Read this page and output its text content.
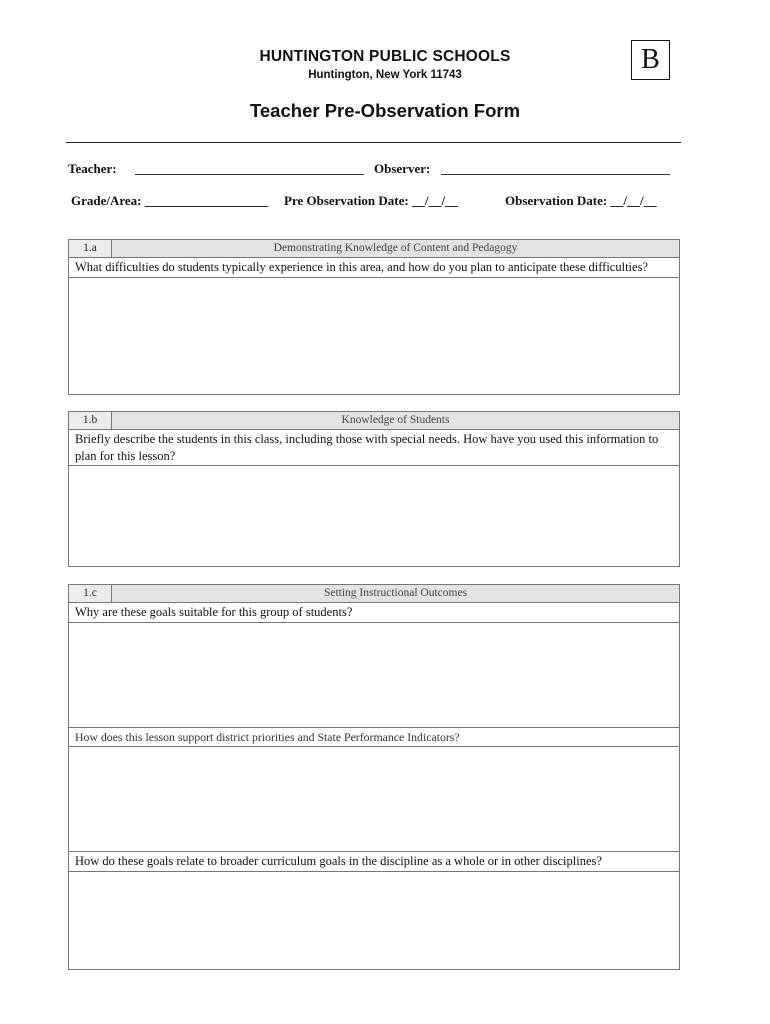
HUNTINGTON PUBLIC SCHOOLS
Huntington, New York 11743	B
Teacher Pre-Observation Form
Teacher:	Observer:
Grade/Area: ___________________ Pre Observation Date: __/__/__	Observation Date: __/__/__
1.a	Demonstrating Knowledge of Content and Pedagogy
What difficulties do students typically experience in this area, and how do you plan to anticipate these difficulties?
1.b	Knowledge of Students
Briefly describe the students in this class, including those with special needs. How have you used this information to plan for this lesson?
1.c	Setting Instructional Outcomes
Why are these goals suitable for this group of students?
How does this lesson support district priorities and State Performance Indicators?
How do these goals relate to broader curriculum goals in the discipline as a whole or in other disciplines?
